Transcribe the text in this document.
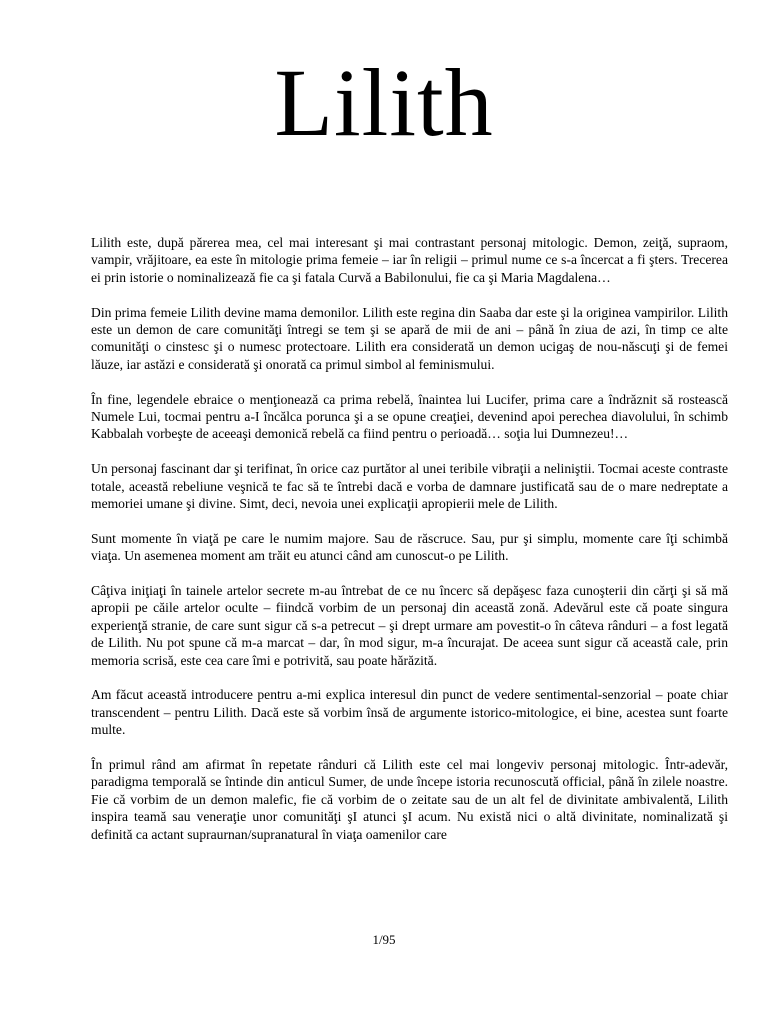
Lilith

Lilith este, după părerea mea, cel mai interesant şi mai contrastant personaj mitologic. Demon, zeiţă, supraom, vampir, vrăjitoare, ea este în mitologie prima femeie – iar în religii – primul nume ce s-a încercat a fi şters. Trecerea ei prin istorie o nominalizează fie ca şi fatala Curvă a Babilonului, fie ca şi Maria Magdalena…

Din prima femeie Lilith devine mama demonilor. Lilith este regina din Saaba dar este şi la originea vampirilor. Lilith este un demon de care comunităţi întregi se tem şi se apară de mii de ani – până în ziua de azi, în timp ce alte comunităţi o cinstesc şi o numesc protectoare. Lilith era considerată un demon ucigaş de nou-născuţi şi de femei lăuze, iar astăzi e considerată şi onorată ca primul simbol al feminismului.

În fine, legendele ebraice o menţionează ca prima rebelă, înaintea lui Lucifer, prima care a îndrăznit să rostească Numele Lui, tocmai pentru a-I încălca porunca şi a se opune creaţiei, devenind apoi perechea diavolului, în schimb Kabbalah vorbeşte de aceeaşi demonică rebelă ca fiind pentru o perioadă… soţia lui Dumnezeu!…

Un personaj fascinant dar şi terifinat, în orice caz purtător al unei teribile vibraţii a neliniştii. Tocmai aceste contraste totale, această rebeliune veşnică te fac să te întrebi dacă e vorba de damnare justificată sau de o mare nedreptate a memoriei umane şi divine. Simt, deci, nevoia unei explicaţii apropierii mele de Lilith.

Sunt momente în viaţă pe care le numim majore. Sau de răscruce. Sau, pur şi simplu, momente care îţi schimbă viaţa. Un asemenea moment am trăit eu atunci când am cunoscut-o pe Lilith.

Câţiva iniţiaţi în tainele artelor secrete m-au întrebat de ce nu încerc să depăşesc faza cunoşterii din cărţi şi să mă apropii pe căile artelor oculte – fiindcă vorbim de un personaj din această zonă. Adevărul este că poate singura experienţă stranie, de care sunt sigur că s-a petrecut – şi drept urmare am povestit-o în câteva rânduri – a fost legată de Lilith. Nu pot spune că m-a marcat – dar, în mod sigur, m-a încurajat. De aceea sunt sigur că această cale, prin memoria scrisă, este cea care îmi e potrivită, sau poate hărăzită.

Am făcut această introducere pentru a-mi explica interesul din punct de vedere sentimental-senzorial – poate chiar transcendent – pentru Lilith. Dacă este să vorbim însă de argumente istorico-mitologice, ei bine, acestea sunt foarte multe.

În primul rând am afirmat în repetate rânduri că Lilith este cel mai longeviv personaj mitologic. Într-adevăr, paradigma temporală se întinde din anticul Sumer, de unde începe istoria recunoscută official, până în zilele noastre. Fie că vorbim de un demon malefic, fie că vorbim de o zeitate sau de un alt fel de divinitate ambivalentă, Lilith inspira teamă sau veneraţie unor comunităţi şI atunci şI acum. Nu există nici o altă divinitate, nominalizată şi definită ca actant supraurnan/supranatural în viaţa oamenilor care

1/95
